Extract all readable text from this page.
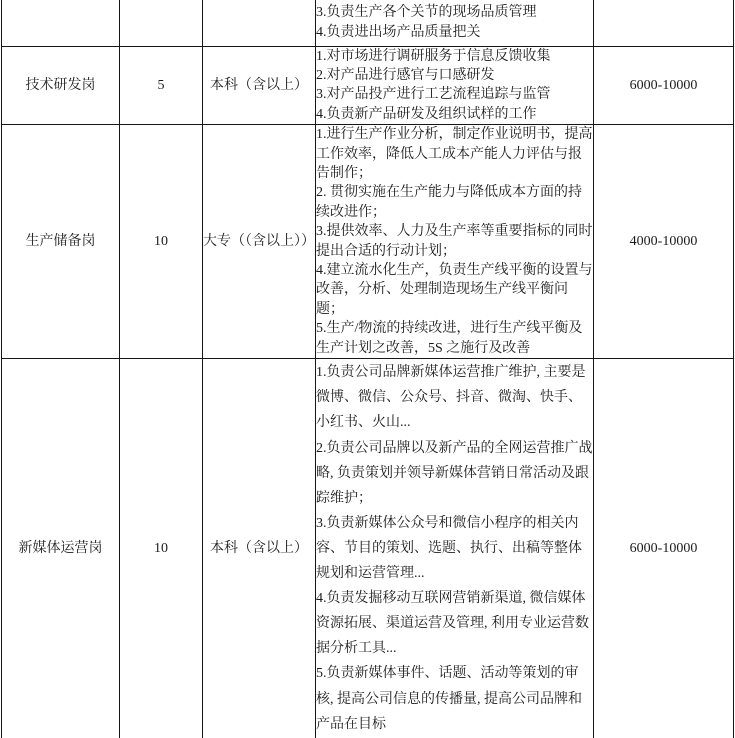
			3.负责生产各个关节的现场品质管理
4.负责进出场产品质量把关	

技术研发岗	5	本科（含以上）	1.对市场进行调研服务于信息反馈收集
2.对产品进行感官与口感研发
3.对产品投产进行工艺流程追踪与监管
4.负责新产品研发及组织试样的工作	6000-10000
生产储备岗	10	大专（（含以上））	1.进行生产作业分析，制定作业说明书，提高工作效率，降低人工成本产能人力评估与报告制作；
2. 贯彻实施在生产能力与降低成本方面的持续改进作；
3.提供效率、人力及生产率等重要指标的同时提出合适的行动计划；
4.建立流水化生产，负责生产线平衡的设置与改善，分析、处理制造现场生产线平衡问题；
5.生产/物流的持续改进，进行生产线平衡及生产计划之改善，5S 之施行及改善	4000-10000
新媒体运营岗	10	本科（含以上）	1.负责公司品牌新媒体运营推广维护, 主要是微博、微信、公众号、抖音、微淘、快手、小红书、火山...
2.负责公司品牌以及新产品的全网运营推广战略, 负责策划并领导新媒体营销日常活动及跟踪维护；
3.负责新媒体公众号和微信小程序的相关内容、节目的策划、选题、执行、出稿等整体规划和运营管理...
4.负责发掘移动互联网营销新渠道, 微信媒体资源拓展、渠道运营及管理, 利用专业运营数据分析工具...
5.负责新媒体事件、话题、活动等策划的审核, 提高公司信息的传播量, 提高公司品牌和产品在目标	6000-10000
